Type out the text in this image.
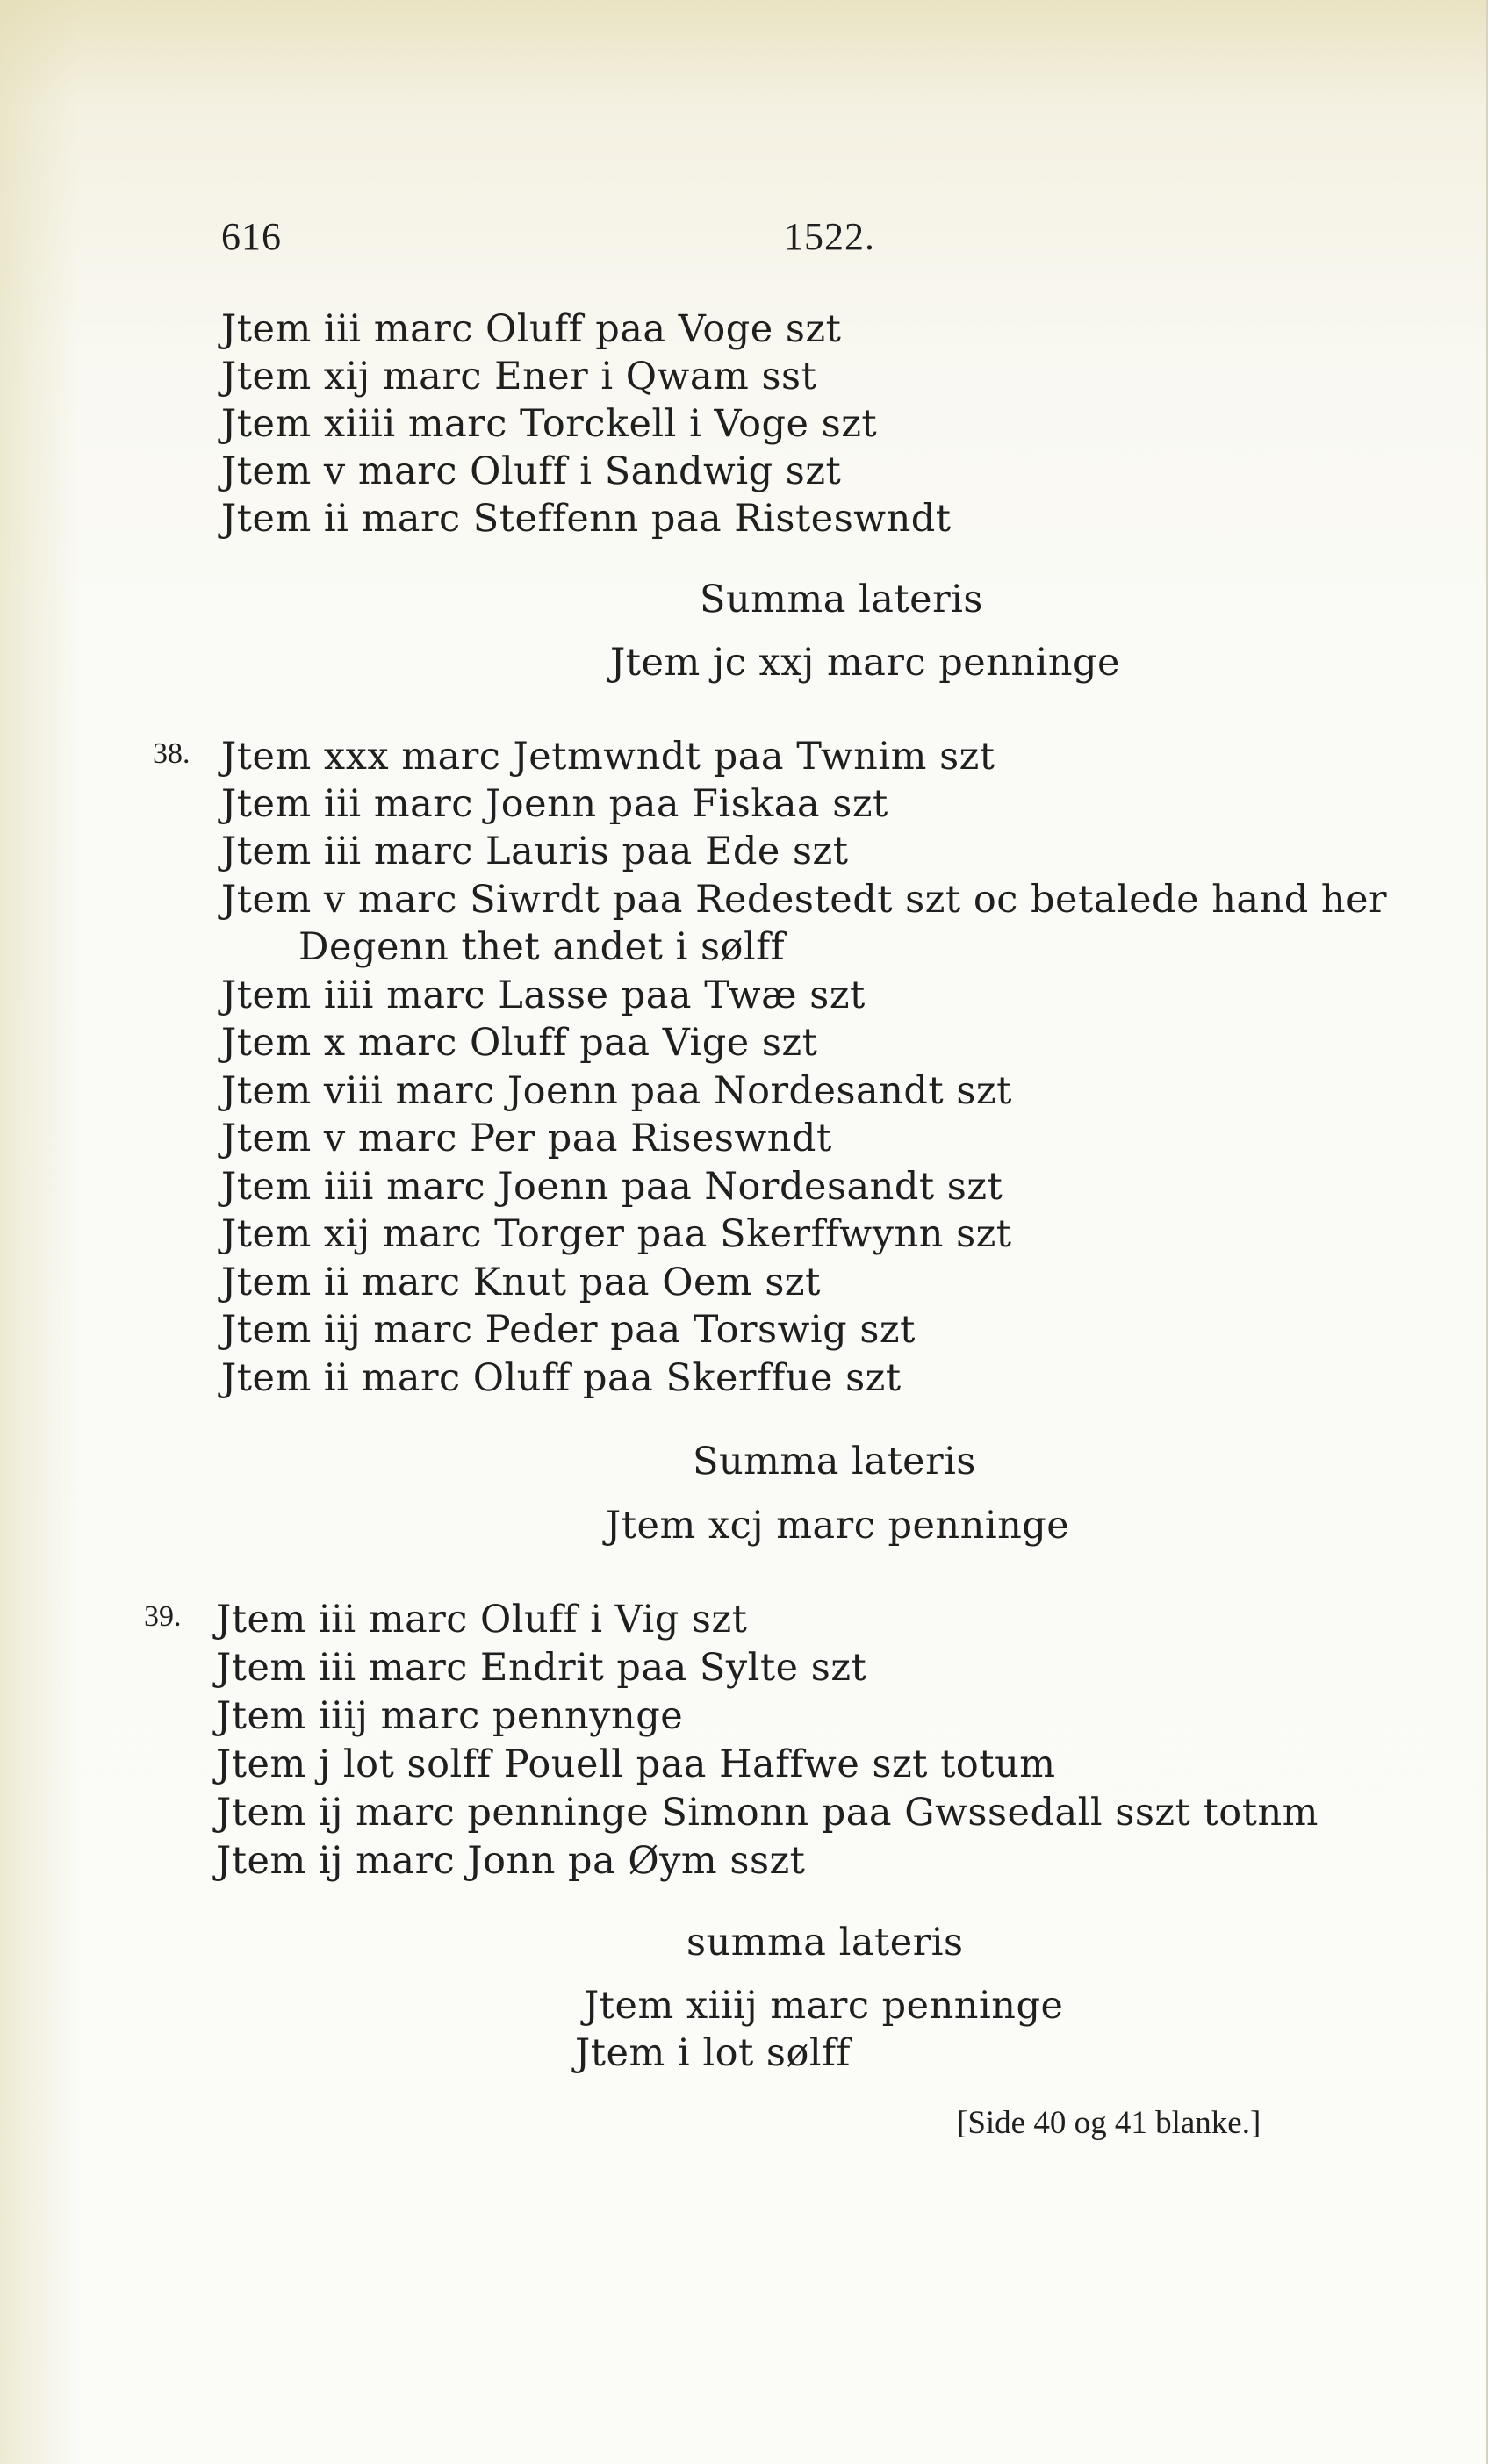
616	1522.
Jtem iii marc Oluff paa Voge szt
Jtem xij marc Ener i Qwam sst
Jtem xiiii marc Torckell i Voge szt
Jtem v marc Oluff i Sandwig szt
Jtem ii marc Steffenn paa Risteswndt
Summa lateris
Jtem jc xxj marc penninge
38. Jtem xxx marc Jetmwndt paa Twnim szt
Jtem iii marc Joenn paa Fiskaa szt
Jtem iii marc Lauris paa Ede szt
Jtem v marc Siwrdt paa Redestedt szt oc betalede hand her
Degenn thet andet i sølff
Jtem iiii marc Lasse paa Twæ szt
Jtem x marc Oluff paa Vige szt
Jtem viii marc Joenn paa Nordesandt szt
Jtem v marc Per paa Riseswndt
Jtem iiii marc Joenn paa Nordesandt szt
Jtem xij marc Torger paa Skerffwynn szt
Jtem ii marc Knut paa Oem szt
Jtem iij marc Peder paa Torswig szt
Jtem ii marc Oluff paa Skerffue szt
Summa lateris
Jtem xcj marc penninge
39. Jtem iii marc Oluff i Vig szt
Jtem iii marc Endrit paa Sylte szt
Jtem iiij marc pennynge
Jtem j lot solff Pouell paa Haffwe szt totum
Jtem ij marc penninge Simonn paa Gwssedall sszt totnm
Jtem ij marc Jonn pa Øym sszt
summa lateris
Jtem xiiij marc penninge
Jtem i lot sølff
[Side 40 og 41 blanke.]
